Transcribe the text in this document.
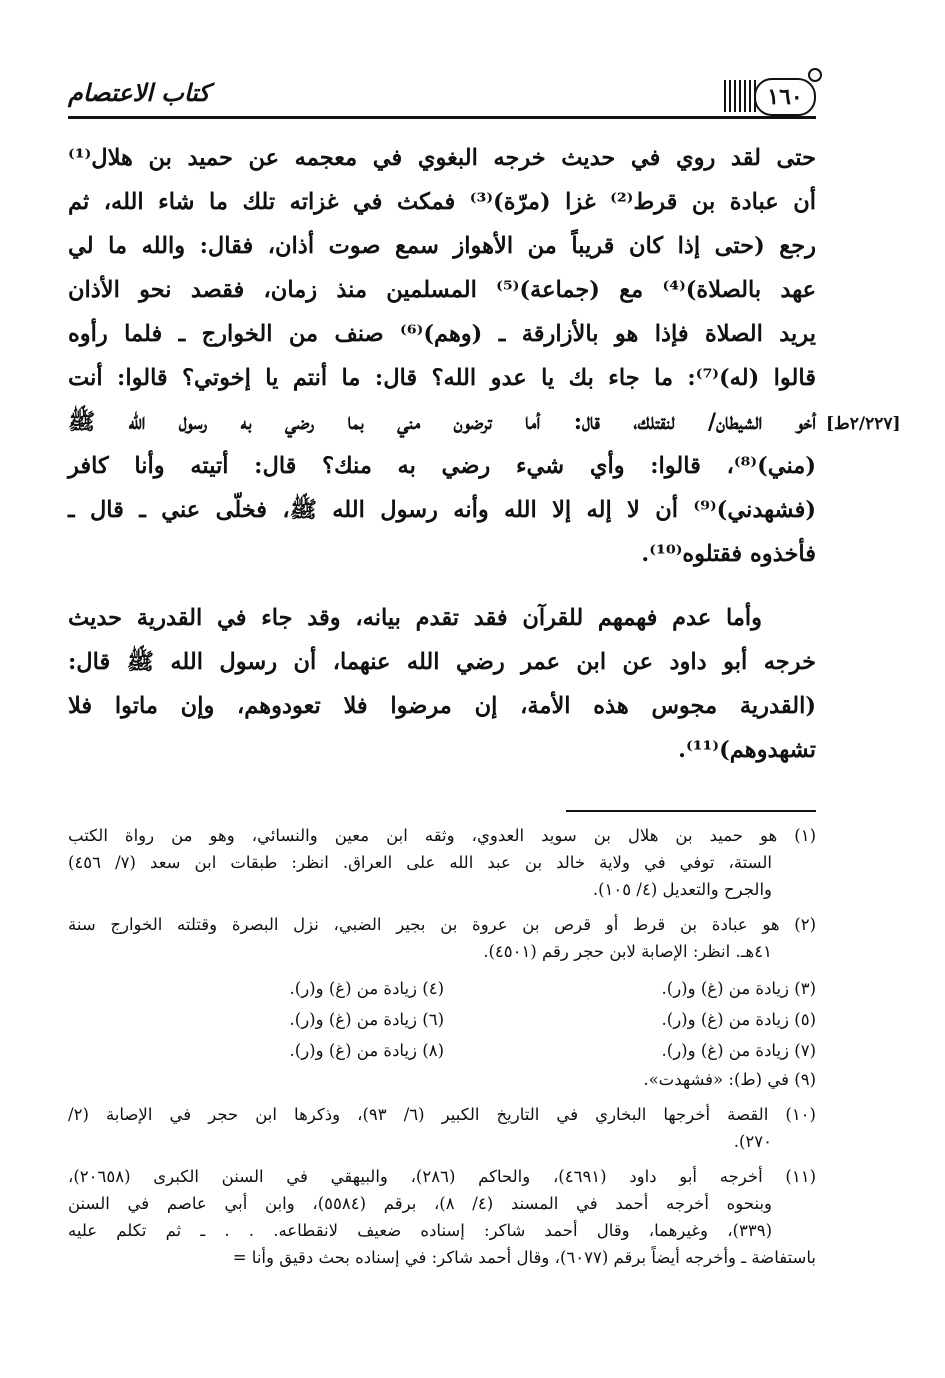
١٦٠
كتاب الاعتصام
[٢/٢٢٧ط]
حتى لقد روي في حديث خرجه البغوي في معجمه عن حميد بن هلال⁽¹⁾
أن عبادة بن قرط⁽²⁾ غزا (مرّة)⁽³⁾ فمكث في غزاته تلك ما شاء الله، ثم
رجع (حتى إذا كان قريباً من الأهواز سمع صوت أذان، فقال: والله ما لي
عهد بالصلاة)⁽⁴⁾ مع (جماعة)⁽⁵⁾ المسلمين منذ زمان، فقصد نحو الأذان
يريد الصلاة فإذا هو بالأزارقة ـ (وهم)⁽⁶⁾ صنف من الخوارج ـ فلما رأوه
قالوا (له)⁽⁷⁾: ما جاء بك يا عدو الله؟ قال: ما أنتم يا إخوتي؟ قالوا: أنت
أخو الشيطان/ لنقتلك، قال: أما ترضون مني بما رضي به رسول الله ﷺ
(مني)⁽⁸⁾، قالوا: وأي شيء رضي به منك؟ قال: أتيته وأنا كافر
(فشهدني)⁽⁹⁾ أن لا إله إلا الله وأنه رسول الله ﷺ، فخلّى عني ـ قال ـ
فأخذوه فقتلوه⁽¹⁰⁾.
وأما عدم فهمهم للقرآن فقد تقدم بيانه، وقد جاء في القدرية حديث
خرجه أبو داود عن ابن عمر رضي الله عنهما، أن رسول الله ﷺ قال:
(القدرية مجوس هذه الأمة، إن مرضوا فلا تعودوهم، وإن ماتوا فلا
تشهدوهم)⁽¹¹⁾.
(١) هو حميد بن هلال بن سويد العدوي، وثقه ابن معين والنسائي، وهو من رواة الكتب
الستة، توفي في ولاية خالد بن عبد الله على العراق. انظر: طبقات ابن سعد (٧/ ٤٥٦)
والجرح والتعديل (٤/ ١٠٥).
(٢) هو عبادة بن قرط أو قرص بن عروة بن بجير الضبي، نزل البصرة وقتلته الخوارج سنة
٤١هـ. انظر: الإصابة لابن حجر رقم (٤٥٠١).
(٣) زيادة من (غ) و(ر).
(٤) زيادة من (غ) و(ر).
(٥) زيادة من (غ) و(ر).
(٦) زيادة من (غ) و(ر).
(٧) زيادة من (غ) و(ر).
(٨) زيادة من (غ) و(ر).
(٩) في (ط): «فشهدت».
(١٠) القصة أخرجها البخاري في التاريخ الكبير (٦/ ٩٣)، وذكرها ابن حجر في الإصابة (٢/
٢٧٠).
(١١) أخرجه أبو داود (٤٦٩١)، والحاكم (٢٨٦)، والبيهقي في السنن الكبرى (٢٠٦٥٨)،
وبنحوه أخرجه أحمد في المسند (٤/ ٨)، برقم (٥٥٨٤)، وابن أبي عاصم في السنن
(٣٣٩)، وغيرهما، وقال أحمد شاكر: إسناده ضعيف لانقطاعه. . . ـ ثم تكلم عليه
باستفاضة ـ وأخرجه أيضاً برقم (٦٠٧٧)، وقال أحمد شاكر: في إسناده بحث دقيق وأنا =
